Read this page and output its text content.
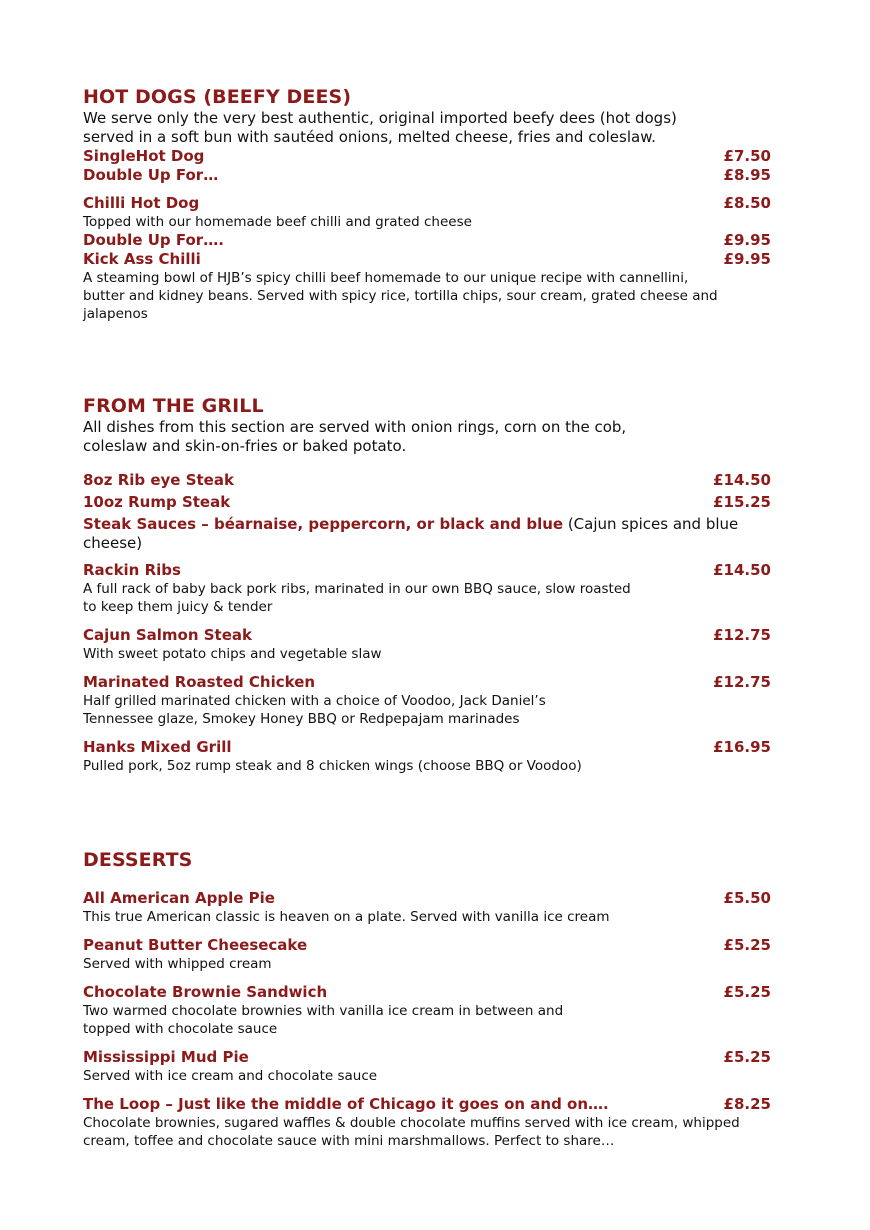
HOT DOGS (BEEFY DEES)
We serve only the very best authentic, original imported beefy dees (hot dogs)
served in a soft bun with sautéed onions, melted cheese, fries and coleslaw.
SingleHot Dog	£7.50
Double Up For…	£8.95
Chilli Hot Dog	£8.50
Topped with our homemade beef chilli and grated cheese
Double Up For….	£9.95
Kick Ass Chilli	£9.95
A steaming bowl of HJB’s spicy chilli beef homemade to our unique recipe with cannellini,
butter and kidney beans. Served with spicy rice, tortilla chips, sour cream, grated cheese and
jalapenos
FROM THE GRILL
All dishes from this section are served with onion rings, corn on the cob,
coleslaw and skin-on-fries or baked potato.
8oz Rib eye Steak	£14.50
10oz Rump Steak	£15.25
Steak Sauces – béarnaise, peppercorn, or black and blue (Cajun spices and blue
cheese)
Rackin Ribs	£14.50
A full rack of baby back pork ribs, marinated in our own BBQ sauce, slow roasted
to keep them juicy & tender
Cajun Salmon Steak	£12.75
With sweet potato chips and vegetable slaw
Marinated Roasted Chicken	£12.75
Half grilled marinated chicken with a choice of Voodoo, Jack Daniel’s
Tennessee glaze, Smokey Honey BBQ or Redpepajam marinades
Hanks Mixed Grill	£16.95
Pulled pork, 5oz rump steak and 8 chicken wings (choose BBQ or Voodoo)
DESSERTS
All American Apple Pie	£5.50
This true American classic is heaven on a plate. Served with vanilla ice cream
Peanut Butter Cheesecake	£5.25
Served with whipped cream
Chocolate Brownie Sandwich	£5.25
Two warmed chocolate brownies with vanilla ice cream in between and
topped with chocolate sauce
Mississippi Mud Pie	£5.25
Served with ice cream and chocolate sauce
The Loop – Just like the middle of Chicago it goes on and on….	£8.25
Chocolate brownies, sugared waffles & double chocolate muffins served with ice cream, whipped
cream, toffee and chocolate sauce with mini marshmallows. Perfect to share…
